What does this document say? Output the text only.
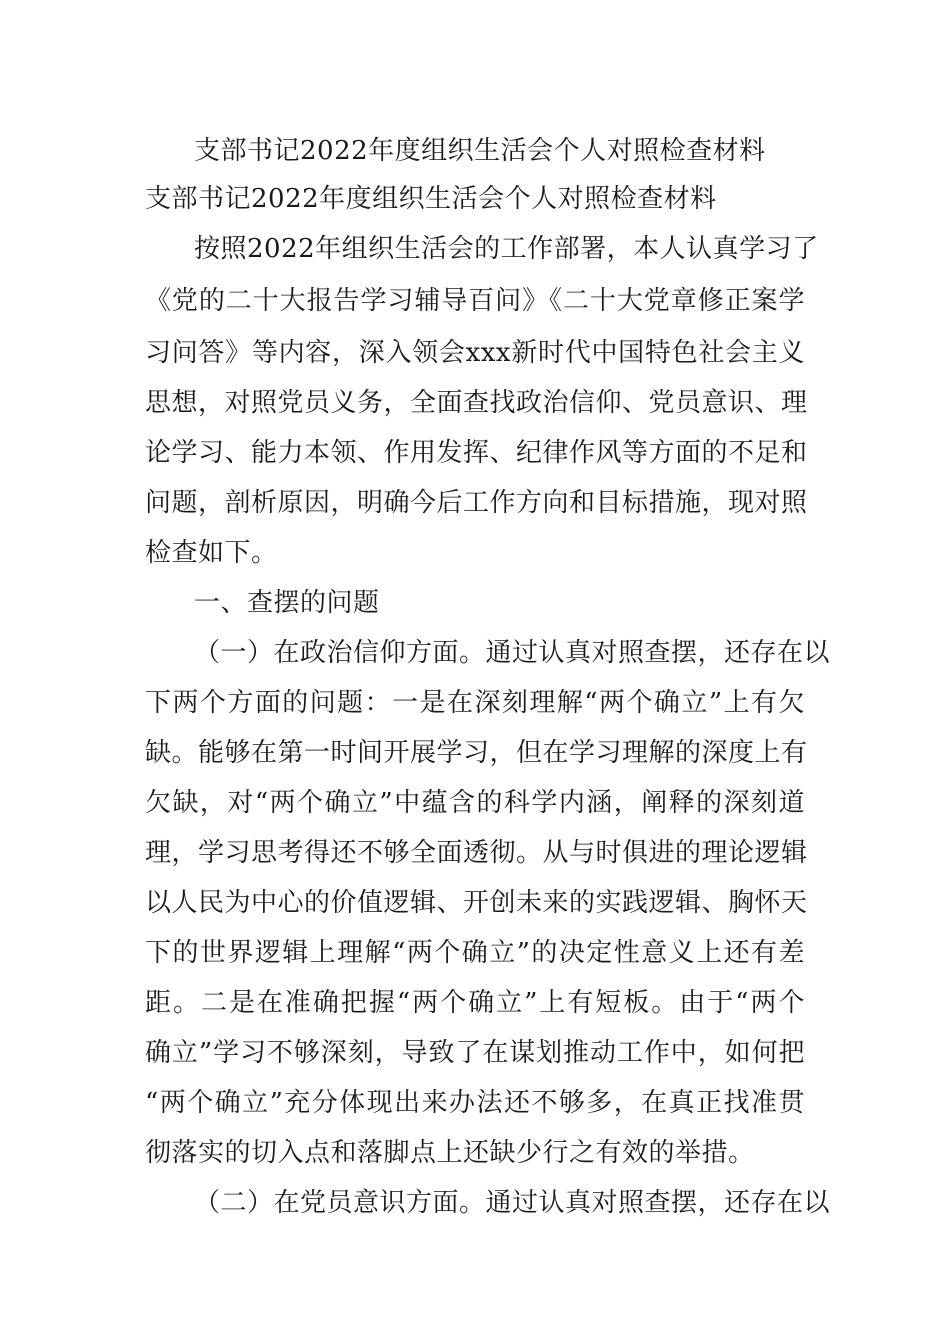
支部书记2022年度组织生活会个人对照检查材料
支部书记2022年度组织生活会个人对照检查材料
按照2022年组织生活会的工作部署，本人认真学习了
《党的二十大报告学习辅导百问》《二十大党章修正案学
习问答》等内容，深入领会xxx新时代中国特色社会主义
思想，对照党员义务，全面查找政治信仰、党员意识、理
论学习、能力本领、作用发挥、纪律作风等方面的不足和
问题，剖析原因，明确今后工作方向和目标措施，现对照
检查如下。
一、查摆的问题
（一）在政治信仰方面。通过认真对照查摆，还存在以
下两个方面的问题：一是在深刻理解“两个确立”上有欠
缺。能够在第一时间开展学习，但在学习理解的深度上有
欠缺，对“两个确立”中蕴含的科学内涵，阐释的深刻道
理，学习思考得还不够全面透彻。从与时俱进的理论逻辑
以人民为中心的价值逻辑、开创未来的实践逻辑、胸怀天
下的世界逻辑上理解“两个确立”的决定性意义上还有差
距。二是在准确把握“两个确立”上有短板。由于“两个
确立”学习不够深刻，导致了在谋划推动工作中，如何把
“两个确立”充分体现出来办法还不够多，在真正找准贯
彻落实的切入点和落脚点上还缺少行之有效的举措。
（二）在党员意识方面。通过认真对照查摆，还存在以
